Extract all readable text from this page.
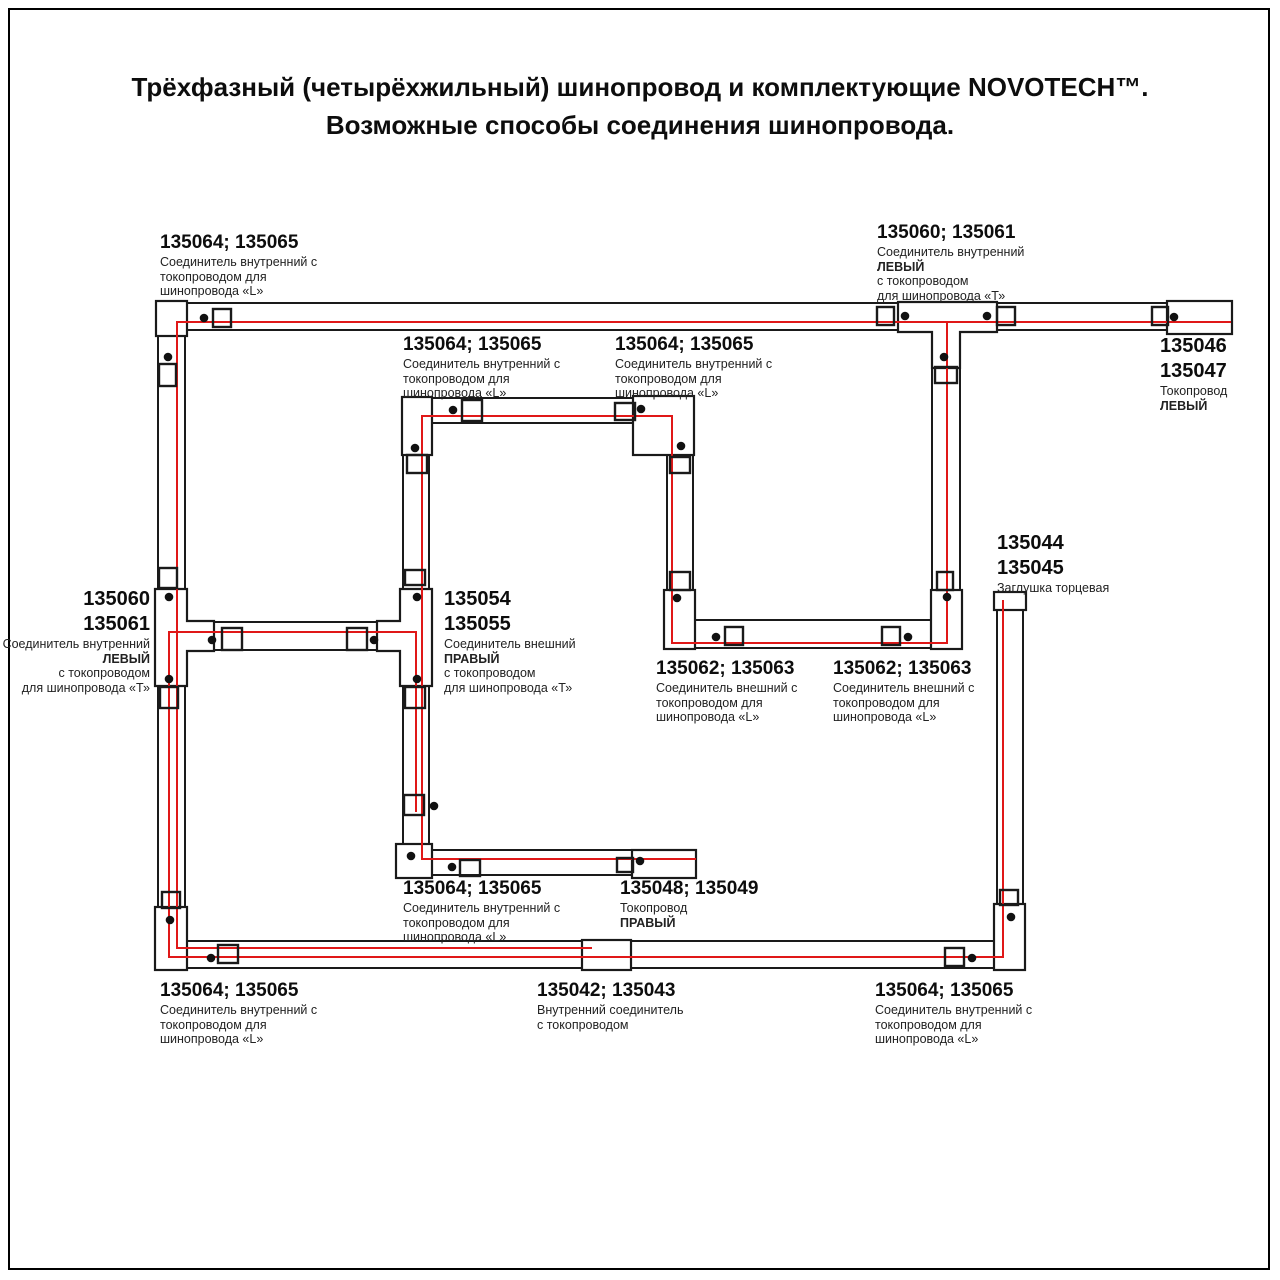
Трёхфазный (четырёхжильный) шинопровод и комплектующие NOVOTECH™.
Возможные способы соединения шинопровода.
135064; 135065
Соединитель внутренний с
токопроводом для
шинопровода «L»
135060; 135061
Соединитель внутренний
ЛЕВЫЙ
с токопроводом
для шинопровода «Т»
135046
135047
Токопровод
ЛЕВЫЙ
135064; 135065
Соединитель внутренний с
токопроводом для
шинопровода «L»
135064; 135065
Соединитель внутренний с
токопроводом для
шинопровода «L»
135060
135061
Соединитель внутренний
ЛЕВЫЙ
с токопроводом
для шинопровода «Т»
135054
135055
Соединитель внешний
ПРАВЫЙ
с токопроводом
для шинопровода «Т»
135062; 135063
Соединитель внешний с
токопроводом для
шинопровода «L»
135062; 135063
Соединитель внешний с
токопроводом для
шинопровода «L»
135044
135045
Заглушка торцевая
135064; 135065
Соединитель внутренний с
токопроводом для
шинопровода «L»
135048; 135049
Токопровод
ПРАВЫЙ
135064; 135065
Соединитель внутренний с
токопроводом для
шинопровода «L»
135042; 135043
Внутренний соединитель
с токопроводом
135064; 135065
Соединитель внутренний с
токопроводом для
шинопровода «L»
